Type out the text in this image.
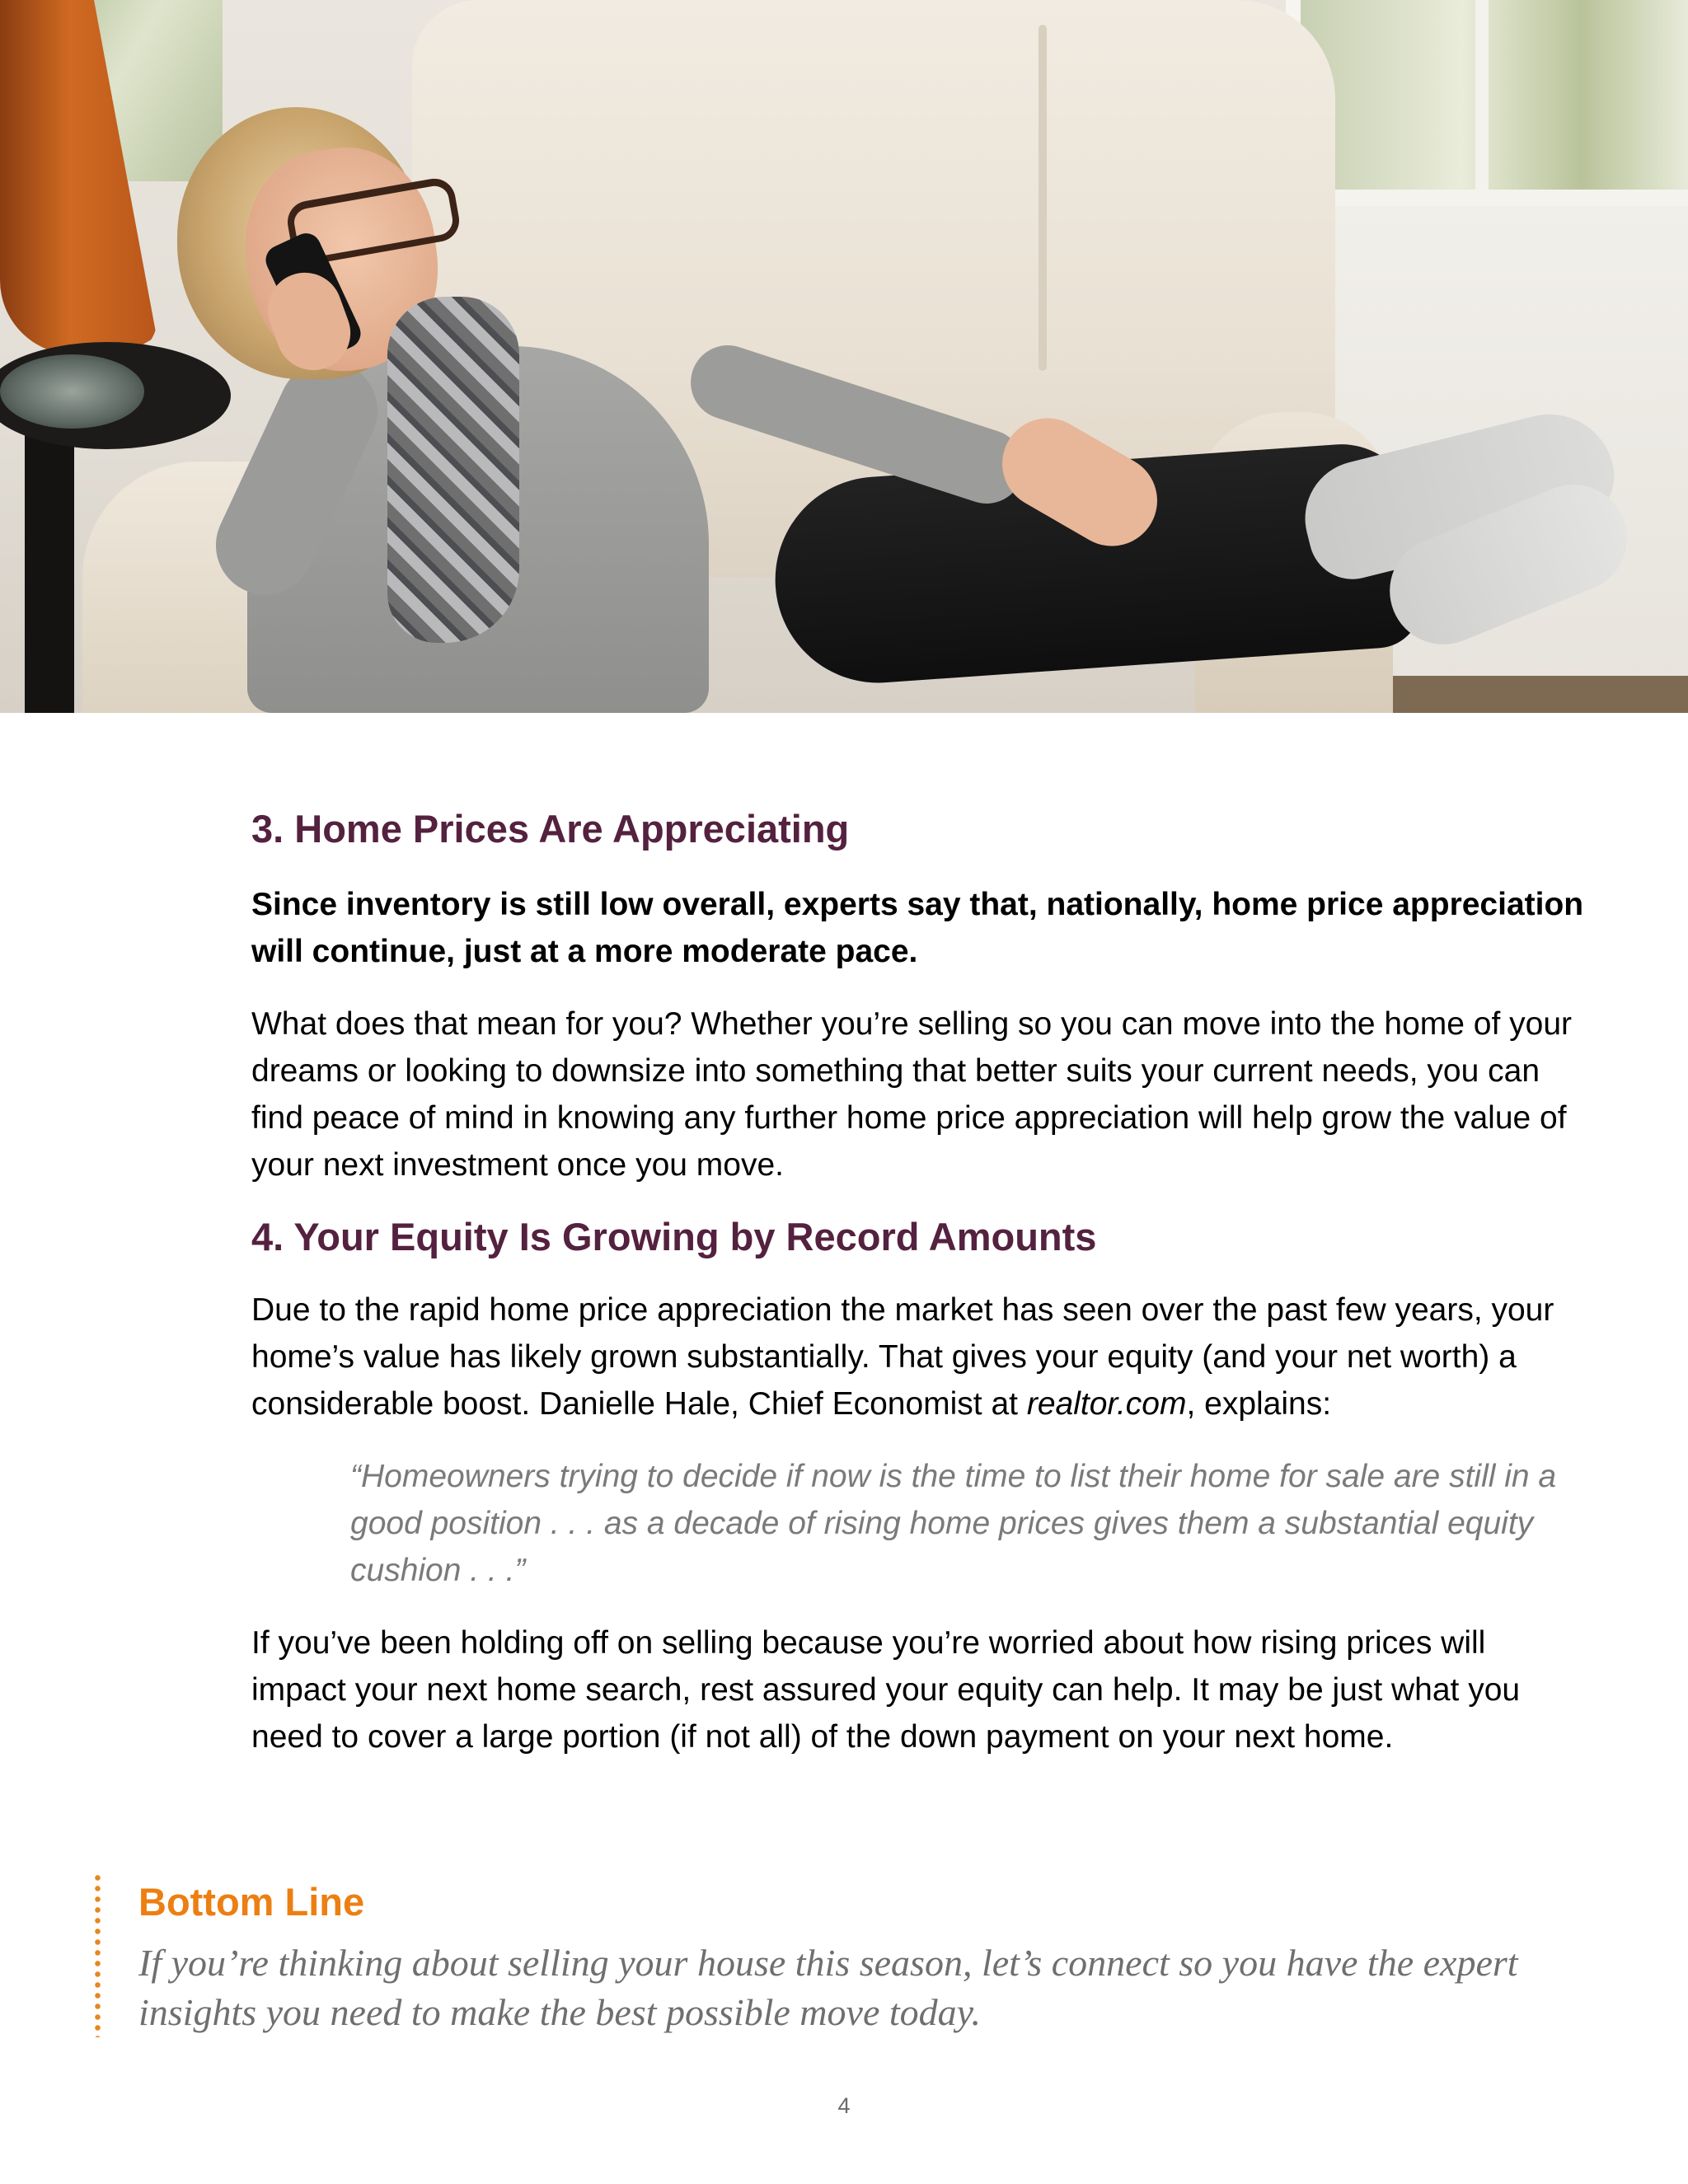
3. Home Prices Are Appreciating

Since inventory is still low overall, experts say that, nationally, home price appreciation will continue, just at a more moderate pace.

What does that mean for you? Whether you’re selling so you can move into the home of your dreams or looking to downsize into something that better suits your current needs, you can find peace of mind in knowing any further home price appreciation will help grow the value of your next investment once you move.

4. Your Equity Is Growing by Record Amounts

Due to the rapid home price appreciation the market has seen over the past few years, your home’s value has likely grown substantially. That gives your equity (and your net worth) a considerable boost. Danielle Hale, Chief Economist at realtor.com, explains:

“Homeowners trying to decide if now is the time to list their home for sale are still in a good position . . . as a decade of rising home prices gives them a substantial equity cushion . . .”

If you’ve been holding off on selling because you’re worried about how rising prices will impact your next home search, rest assured your equity can help. It may be just what you need to cover a large portion (if not all) of the down payment on your next home.

Bottom Line

If you’re thinking about selling your house this season, let’s connect so you have the expert insights you need to make the best possible move today.

4
